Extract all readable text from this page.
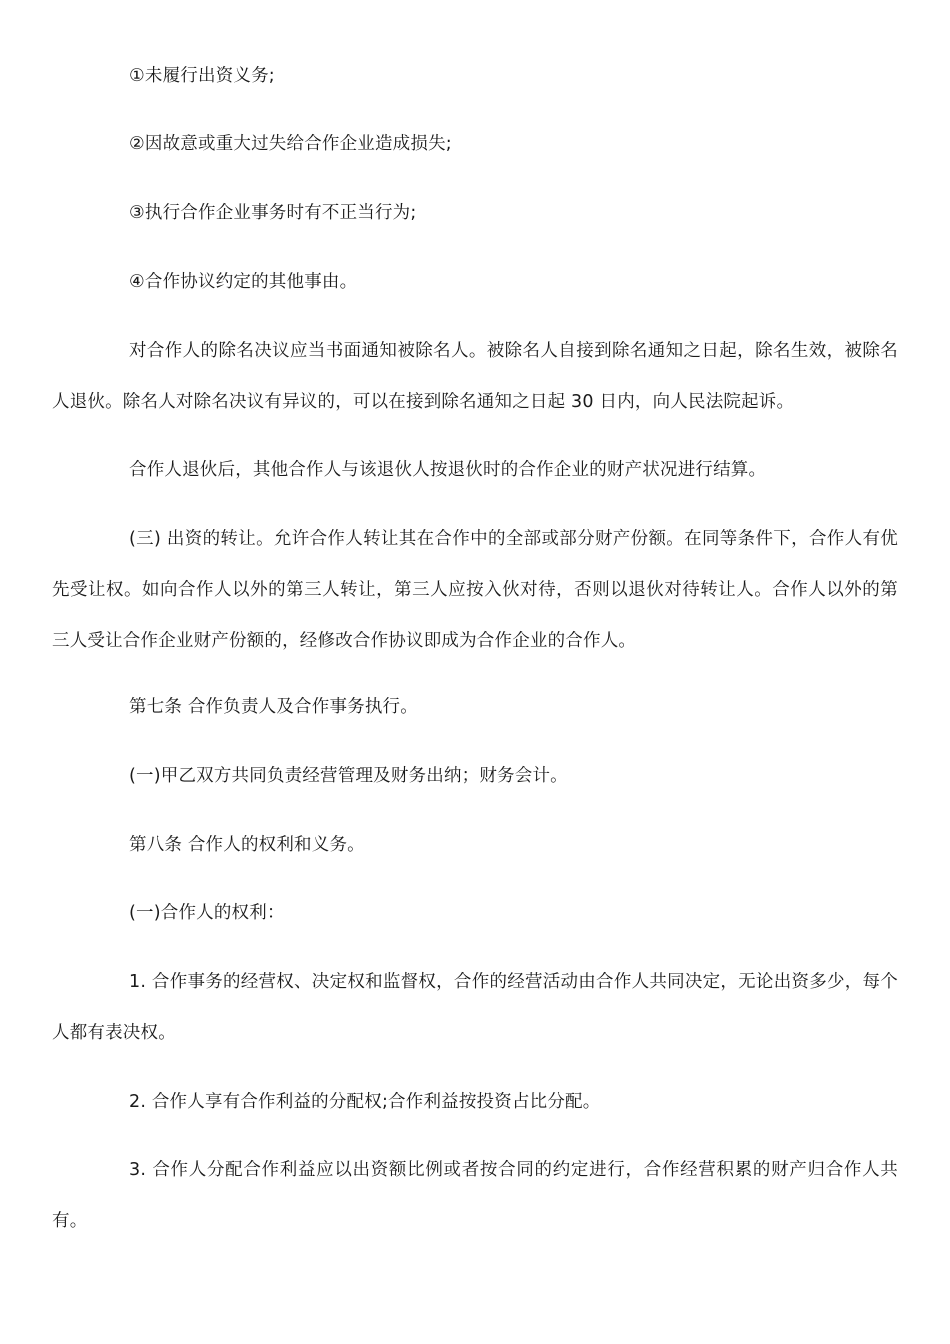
①未履行出资义务;

②因故意或重大过失给合作企业造成损失;

③执行合作企业事务时有不正当行为;

④合作协议约定的其他事由。

对合作人的除名决议应当书面通知被除名人。被除名人自接到除名通知之日起，除名生效，被除名人退伙。除名人对除名决议有异议的，可以在接到除名通知之日起 30 日内，向人民法院起诉。

合作人退伙后，其他合作人与该退伙人按退伙时的合作企业的财产状况进行结算。

(三) 出资的转让。允许合作人转让其在合作中的全部或部分财产份额。在同等条件下，合作人有优先受让权。如向合作人以外的第三人转让，第三人应按入伙对待，否则以退伙对待转让人。合作人以外的第三人受让合作企业财产份额的，经修改合作协议即成为合作企业的合作人。

第七条 合作负责人及合作事务执行。

(一)甲乙双方共同负责经营管理及财务出纳；财务会计。

第八条 合作人的权利和义务。

(一)合作人的权利：

1. 合作事务的经营权、决定权和监督权，合作的经营活动由合作人共同决定，无论出资多少，每个人都有表决权。

2. 合作人享有合作利益的分配权;合作利益按投资占比分配。

3. 合作人分配合作利益应以出资额比例或者按合同的约定进行，合作经营积累的财产归合作人共有。
